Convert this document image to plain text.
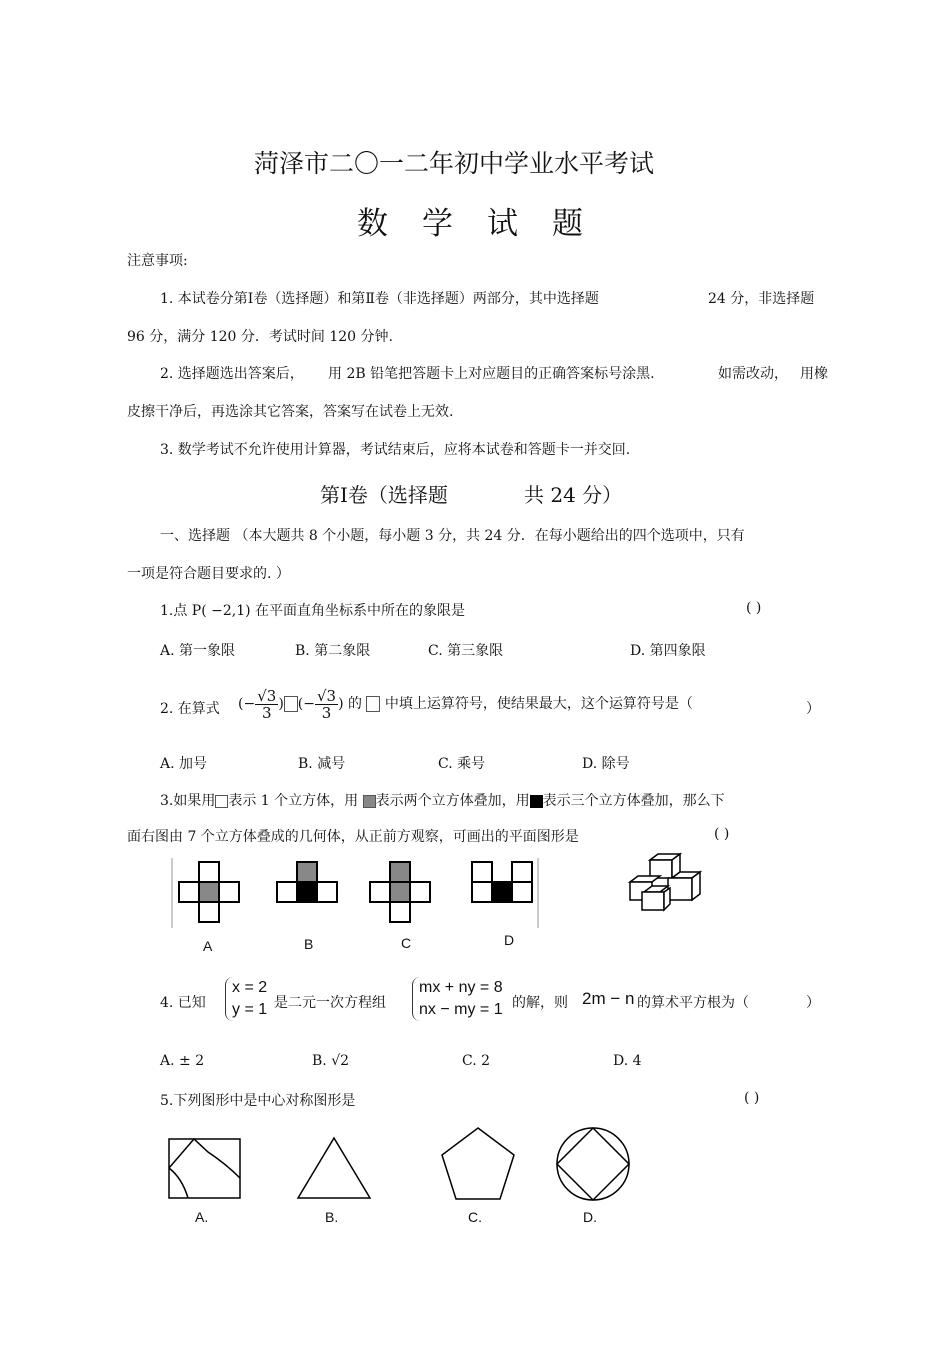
菏泽市二〇一二年初中学业水平考试
数学试题
注意事项:
1. 本试卷分第Ⅰ卷（选择题）和第Ⅱ卷（非选择题）两部分，其中选择题	24 分，非选择题
96 分，满分 120 分．考试时间 120 分钟.
2. 选择题选出答案后， 用 2B 铅笔把答题卡上对应题目的正确答案标号涂黑.	如需改动， 用橡
皮擦干净后，再选涂其它答案，答案写在试卷上无效.
3. 数学考试不允许使用计算器，考试结束后，应将本试卷和答题卡一并交回.
第Ⅰ卷（选择题	共 24 分）
一、选择题 （本大题共 8 个小题，每小题 3 分，共 24 分．在每小题给出的四个选项中，只有
一项是符合题目要求的. ）
1.点 P( −2,1) 在平面直角坐标系中所在的象限是	( )
A. 第一象限	B. 第二象限	C. 第三象限	D. 第四象限
2. 在算式 (− $\frac{√3}{3}$ ) (− $\frac{√3}{3}$ ) 的 中填上运算符号，使结果最大，这个运算符号是（	）
A. 加号	B. 减号	C. 乘号	D. 除号
3.如果用 表示 1 个立方体，用 表示两个立方体叠加，用 表示三个立方体叠加，那么下
面右图由 7 个立方体叠成的几何体，从正前方观察，可画出的平面图形是	( )
A	B	C	D
4. 已知
x = 2
y = 1 是二元一次方程组
mx + ny = 8
nx − my = 1 的解，则 2m − n 的算术平方根为（	）
A. ± 2	B. √2	C. 2	D. 4
5.下列图形中是中心对称图形是	( )
A.	B.	C.	D.
